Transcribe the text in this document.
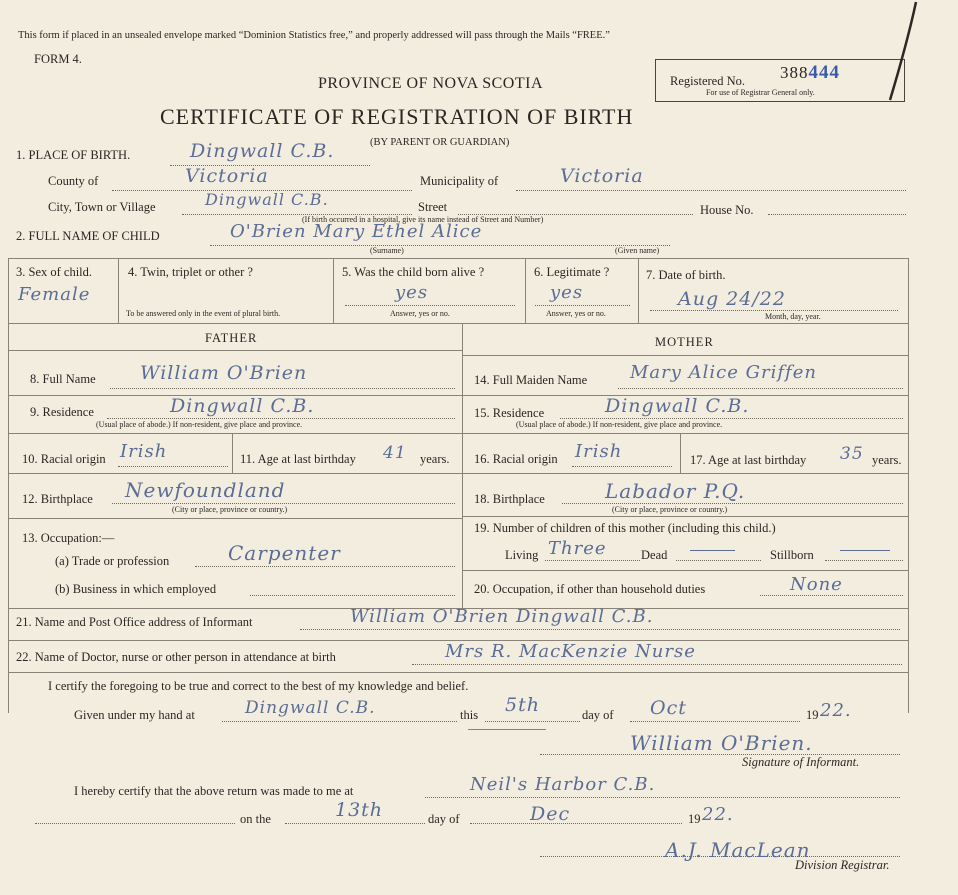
This form if placed in an unsealed envelope marked “Dominion Statistics free,” and properly addressed will pass through the Mails “FREE.”
FORM 4.
PROVINCE OF NOVA SCOTIA
CERTIFICATE OF REGISTRATION OF BIRTH
(BY PARENT OR GUARDIAN)
Registered No. 388444
For use of Registrar General only.
1. PLACE OF BIRTH.	Dingwall C.B.
County of	Victoria	Municipality of	Victoria
City, Town or Village	Dingwall C.B.	Street	House No.
(If birth occurred in a hospital, give its name instead of Street and Number)
2. FULL NAME OF CHILD	O'Brien Mary Ethel Alice
(Surname)	(Given name)
3. Sex of child.
Female
4. Twin, triplet or other ?
To be answered only in the event of plural birth.
5. Was the child born alive ?
yes
Answer, yes or no.
6. Legitimate ?
yes
Answer, yes or no.
7. Date of birth.
Aug 24/22
Month, day, year.
FATHER	MOTHER
8. Full Name William O'Brien
9. Residence	Dingwall C.B.
(Usual place of abode.) If non-resident, give place and province.
10. Racial origin Irish	11. Age at last birthday 41 years.
12. Birthplace Newfoundland
(City or place, province or country.)
13. Occupation:—
(a) Trade or profession	Carpenter
(b) Business in which employed
14. Full Maiden Name Mary Alice Griffen
15. Residence	Dingwall C.B.
(Usual place of abode.) If non-resident, give place and province.
16. Racial origin Irish	17. Age at last birthday 35 years.
18. Birthplace	Labador P.Q.
(City or place, province or country.)
19. Number of children of this mother (including this child.)
Living Three	Dead	Stillborn
20. Occupation, if other than household duties	None
21. Name and Post Office address of Informant	William O'Brien Dingwall C.B.
22. Name of Doctor, nurse or other person in attendance at birth	Mrs R. MacKenzie Nurse
I certify the foregoing to be true and correct to the best of my knowledge and belief.
Given under my hand at	Dingwall C.B.	this 5th	day of Oct	19 22.
William O'Brien.
Signature of Informant.
I hereby certify that the above return was made to me at	Neil's Harbor C.B.
on the	13th	day of	Dec	19 22.
A.J. MacLean
Division Registrar.
